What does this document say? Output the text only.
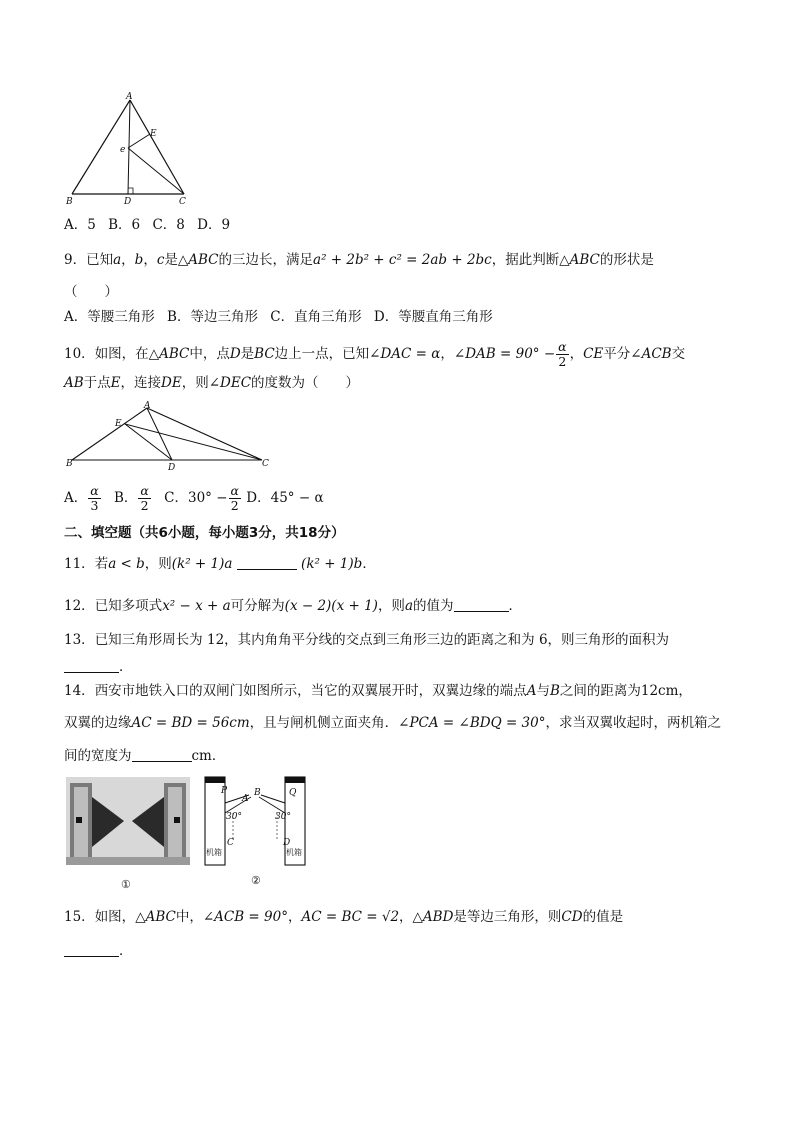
A
B	C
D
E
e
A．5 B．6 C．8 D．9
9．已知a，b，c是△ABC的三边长，满足a² + 2b² + c² = 2ab + 2bc，据此判断△ABC的形状是
（　　）
A．等腰三角形 B．等边三角形 C．直角三角形 D．等腰直角三角形
10．如图，在△ABC中，点D是BC边上一点，已知∠DAC = α，∠DAB = $90^\circ - \frac{\alpha}{2}$ ，CE平分∠ACB交
AB于点E，连接DE，则∠DEC的度数为（　　）
A
B	C
D
E
A． $\frac{\alpha}{3}$ B． $\frac{\alpha}{2}$ C．$30^\circ - \frac{\alpha}{2}$ D．45° − α
二、填空题（共6小题，每小题3分，共18分）
11．若a < b，则(k² + 1)a	(k² + 1)b．
12．已知多项式x² − x + a可分解为(x − 2)(x + 1)，则a的值为	．
13．已知三角形周长为 12，其内角角平分线的交点到三角形三边的距离之和为 6，则三角形的面积为
．
14．西安市地铁入口的双闸门如图所示，当它的双翼展开时，双翼边缘的端点A与B之间的距离为12cm，
双翼的边缘AC = BD = 56cm，且与闸机侧立面夹角．∠PCA = ∠BDQ = 30°，求当双翼收起时，两机箱之
间的宽度为	cm．
①
P	Q
B
A
30°	30°
C	D
机箱	机箱
②
15．如图，△ABC中，∠ACB = 90°，AC = BC = √2，△ABD是等边三角形，则CD的值是
．
